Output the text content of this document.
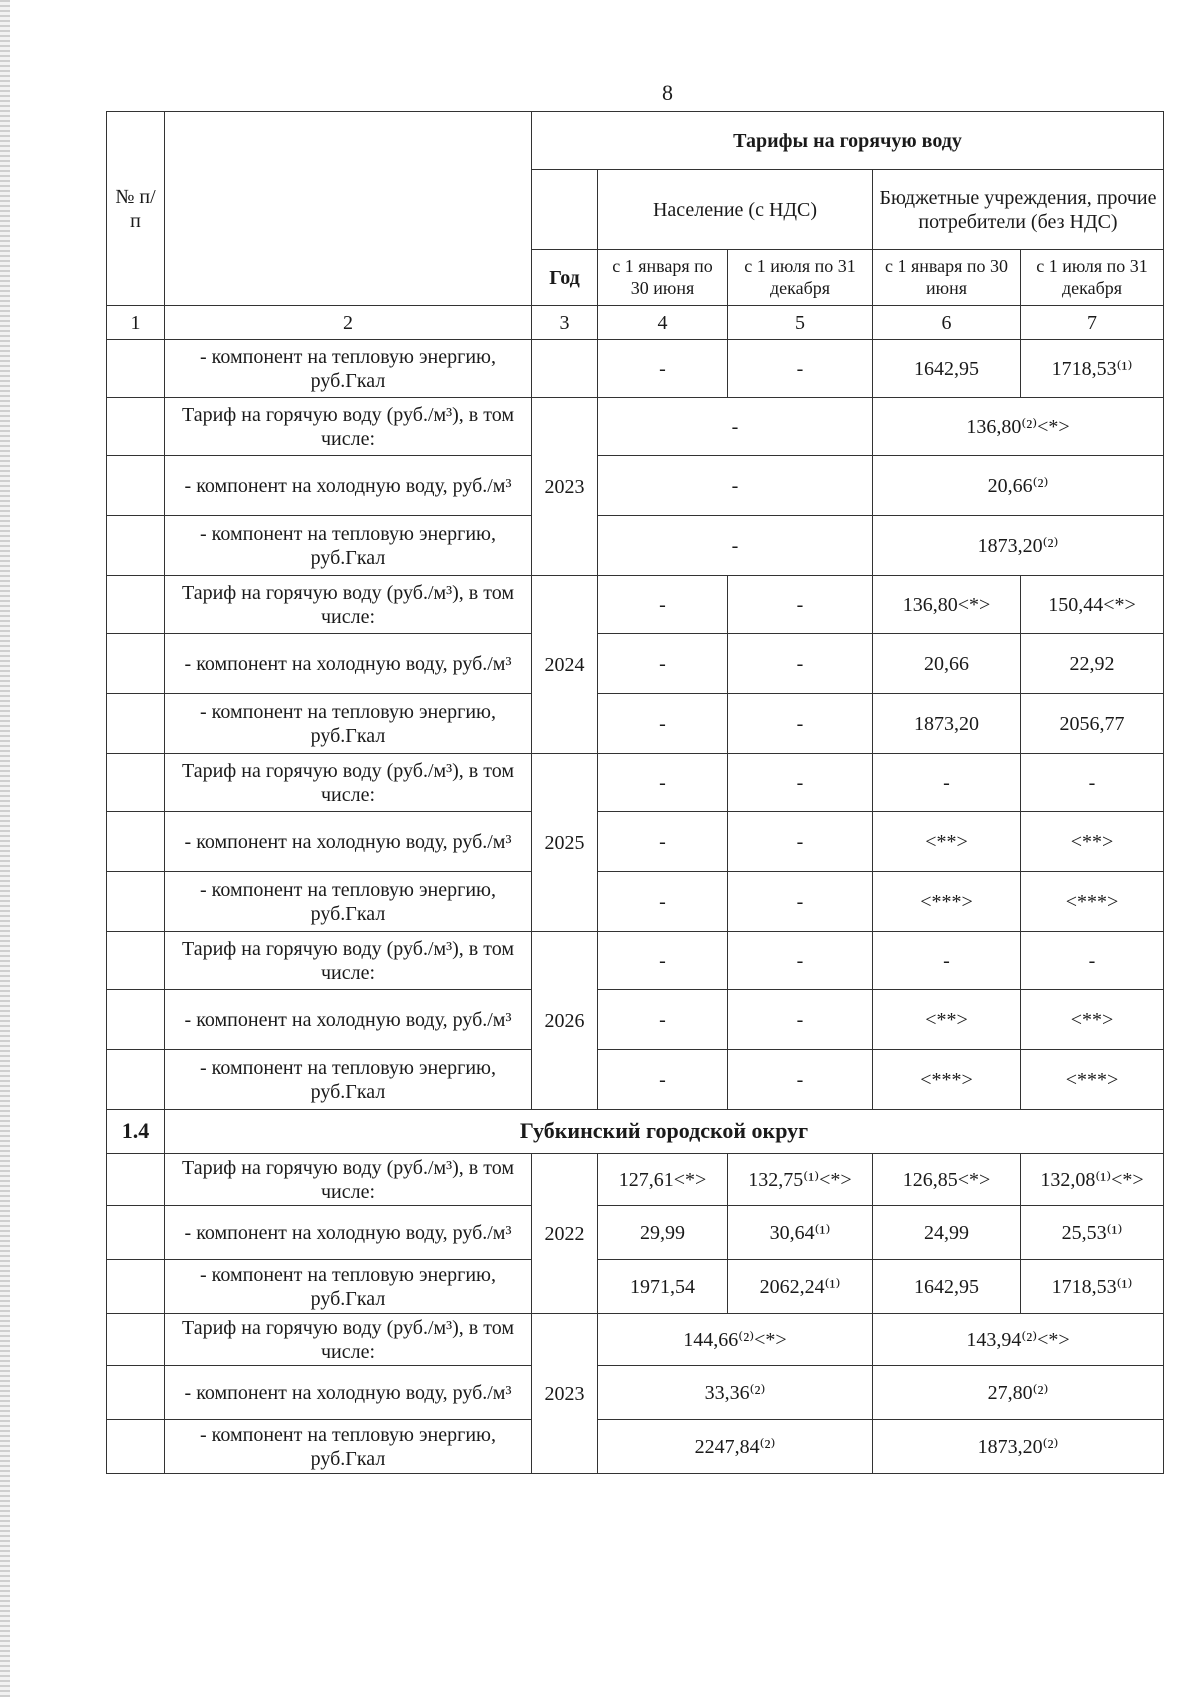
8
№ п/п		Тарифы на горячую воду				
			Население (с НДС)		Бюджетные учреждения, прочие потребители (без НДС)	
		Год	с 1 января по 30 июня	с 1 июля по 31 декабря	с 1 января по 30 июня	с 1 июля по 31 декабря
1	2	3	4	5	6	7
	- компонент на тепловую энергию, руб.Гкал		-	-	1642,95	1718,53⁽¹⁾
	Тариф на горячую воду (руб./м³), в том числе:	2023	-		136,80⁽²⁾<*>	
	- компонент на холодную воду, руб./м³		-		20,66⁽²⁾	
	- компонент на тепловую энергию, руб.Гкал		-		1873,20⁽²⁾	
	Тариф на горячую воду (руб./м³), в том числе:	2024	-	-	136,80<*>	150,44<*>
	- компонент на холодную воду, руб./м³		-	-	20,66	22,92
	- компонент на тепловую энергию, руб.Гкал		-	-	1873,20	2056,77
	Тариф на горячую воду (руб./м³), в том числе:	2025	-	-	-	-
	- компонент на холодную воду, руб./м³		-	-	<**>	<**>
	- компонент на тепловую энергию, руб.Гкал		-	-	<***>	<***>
	Тариф на горячую воду (руб./м³), в том числе:	2026	-	-	-	-
	- компонент на холодную воду, руб./м³		-	-	<**>	<**>
	- компонент на тепловую энергию, руб.Гкал		-	-	<***>	<***>
1.4	Губкинский городской округ					
	Тариф на горячую воду (руб./м³), в том числе:	2022	127,61<*>	132,75⁽¹⁾<*>	126,85<*>	132,08⁽¹⁾<*>
	- компонент на холодную воду, руб./м³		29,99	30,64⁽¹⁾	24,99	25,53⁽¹⁾
	- компонент на тепловую энергию, руб.Гкал		1971,54	2062,24⁽¹⁾	1642,95	1718,53⁽¹⁾
	Тариф на горячую воду (руб./м³), в том числе:	2023	144,66⁽²⁾<*>		143,94⁽²⁾<*>	
	- компонент на холодную воду, руб./м³		33,36⁽²⁾		27,80⁽²⁾	
	- компонент на тепловую энергию, руб.Гкал		2247,84⁽²⁾		1873,20⁽²⁾	
